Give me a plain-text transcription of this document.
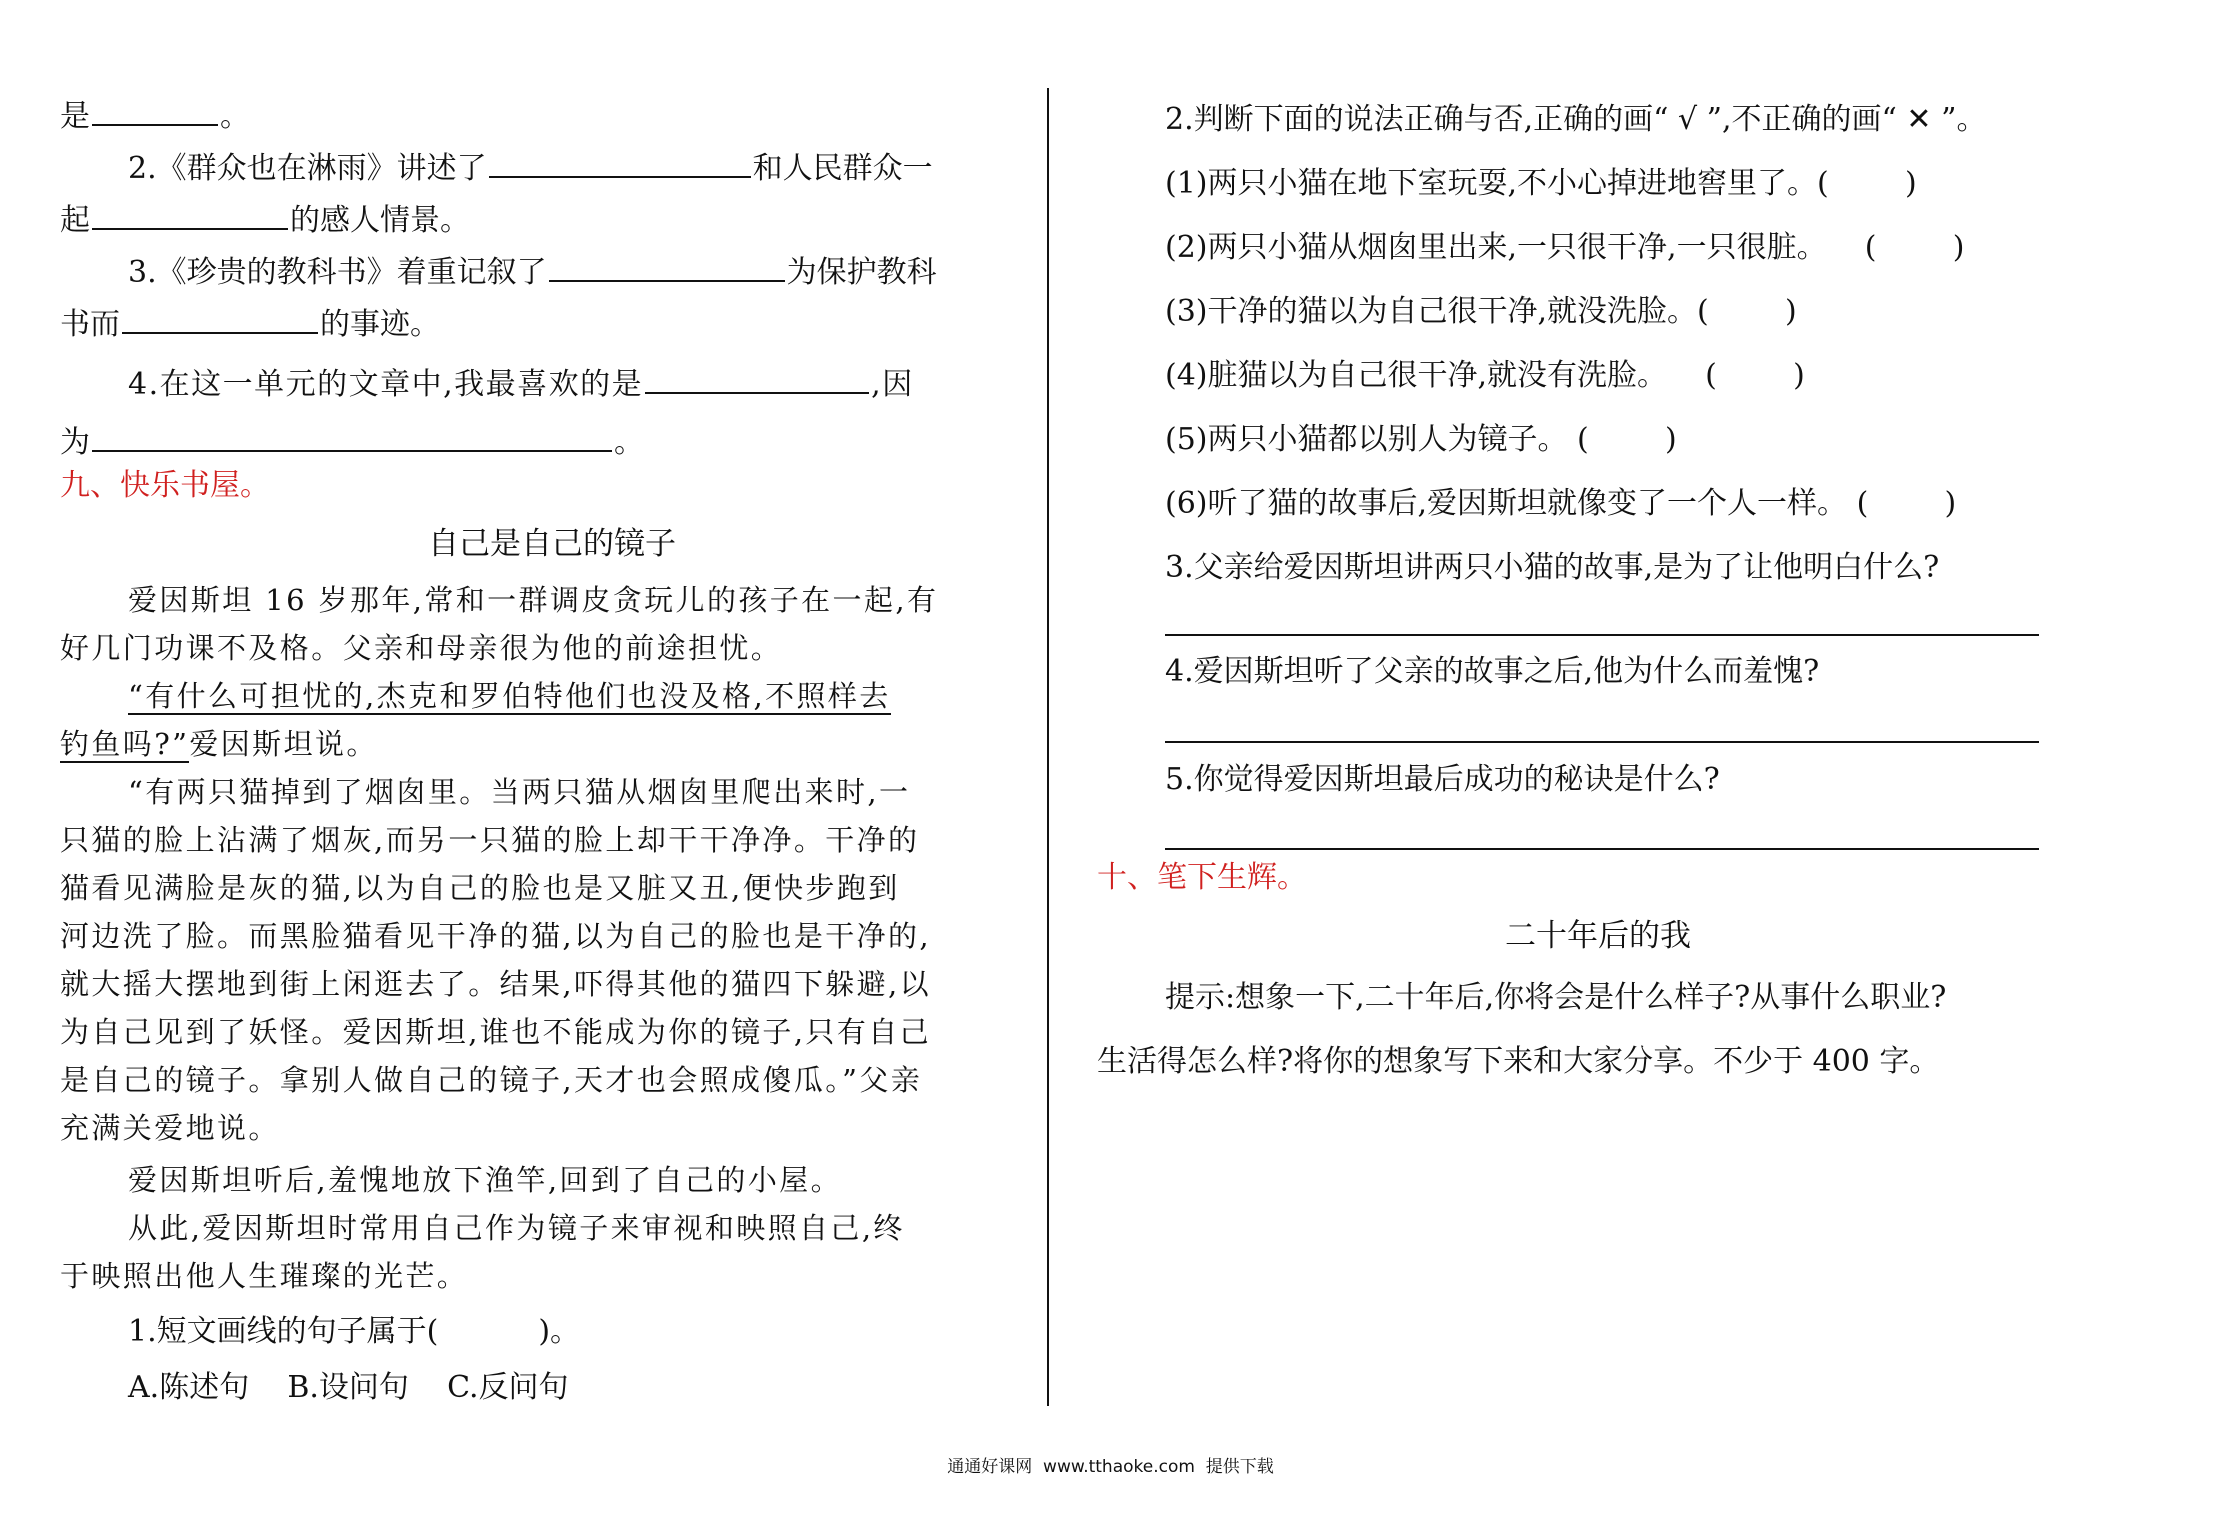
是	。
2.《群众也在淋雨》讲述了	和人民群众一
起	的感人情景。
3.《珍贵的教科书》着重记叙了	为保护教科
书而	的事迹。
4.在这一单元的文章中,我最喜欢的是	,因
为	。
九、快乐书屋。
自己是自己的镜子
爱因斯坦 16 岁那年,常和一群调皮贪玩儿的孩子在一起,有
好几门功课不及格。父亲和母亲很为他的前途担忧。
“有什么可担忧的,杰克和罗伯特他们也没及格,不照样去
钓鱼吗?”爱因斯坦说。
“有两只猫掉到了烟囱里。当两只猫从烟囱里爬出来时,一
只猫的脸上沾满了烟灰,而另一只猫的脸上却干干净净。干净的
猫看见满脸是灰的猫,以为自己的脸也是又脏又丑,便快步跑到
河边洗了脸。而黑脸猫看见干净的猫,以为自己的脸也是干净的,
就大摇大摆地到街上闲逛去了。结果,吓得其他的猫四下躲避,以
为自己见到了妖怪。爱因斯坦,谁也不能成为你的镜子,只有自己
是自己的镜子。拿别人做自己的镜子,天才也会照成傻瓜。”父亲
充满关爱地说。
爱因斯坦听后,羞愧地放下渔竿,回到了自己的小屋。
从此,爱因斯坦时常用自己作为镜子来审视和映照自己,终
于映照出他人生璀璨的光芒。
1.短文画线的句子属于(	)。
A.陈述句    B.设问句    C.反问句
2.判断下面的说法正确与否,正确的画“ √ ”,不正确的画“ ✕ ”。
(1)两只小猫在地下室玩耍,不小心掉进地窖里了。(        )
(2)两只小猫从烟囱里出来,一只很干净,一只很脏。    (        )
(3)干净的猫以为自己很干净,就没洗脸。(        )
(4)脏猫以为自己很干净,就没有洗脸。    (        )
(5)两只小猫都以别人为镜子。 (        )
(6)听了猫的故事后,爱因斯坦就像变了一个人一样。 (        )
3.父亲给爱因斯坦讲两只小猫的故事,是为了让他明白什么?
4.爱因斯坦听了父亲的故事之后,他为什么而羞愧?
5.你觉得爱因斯坦最后成功的秘诀是什么?
十、笔下生辉。
二十年后的我
提示:想象一下,二十年后,你将会是什么样子?从事什么职业?
生活得怎么样?将你的想象写下来和大家分享。不少于 400 字。
通通好课网  www.tthaoke.com  提供下载
